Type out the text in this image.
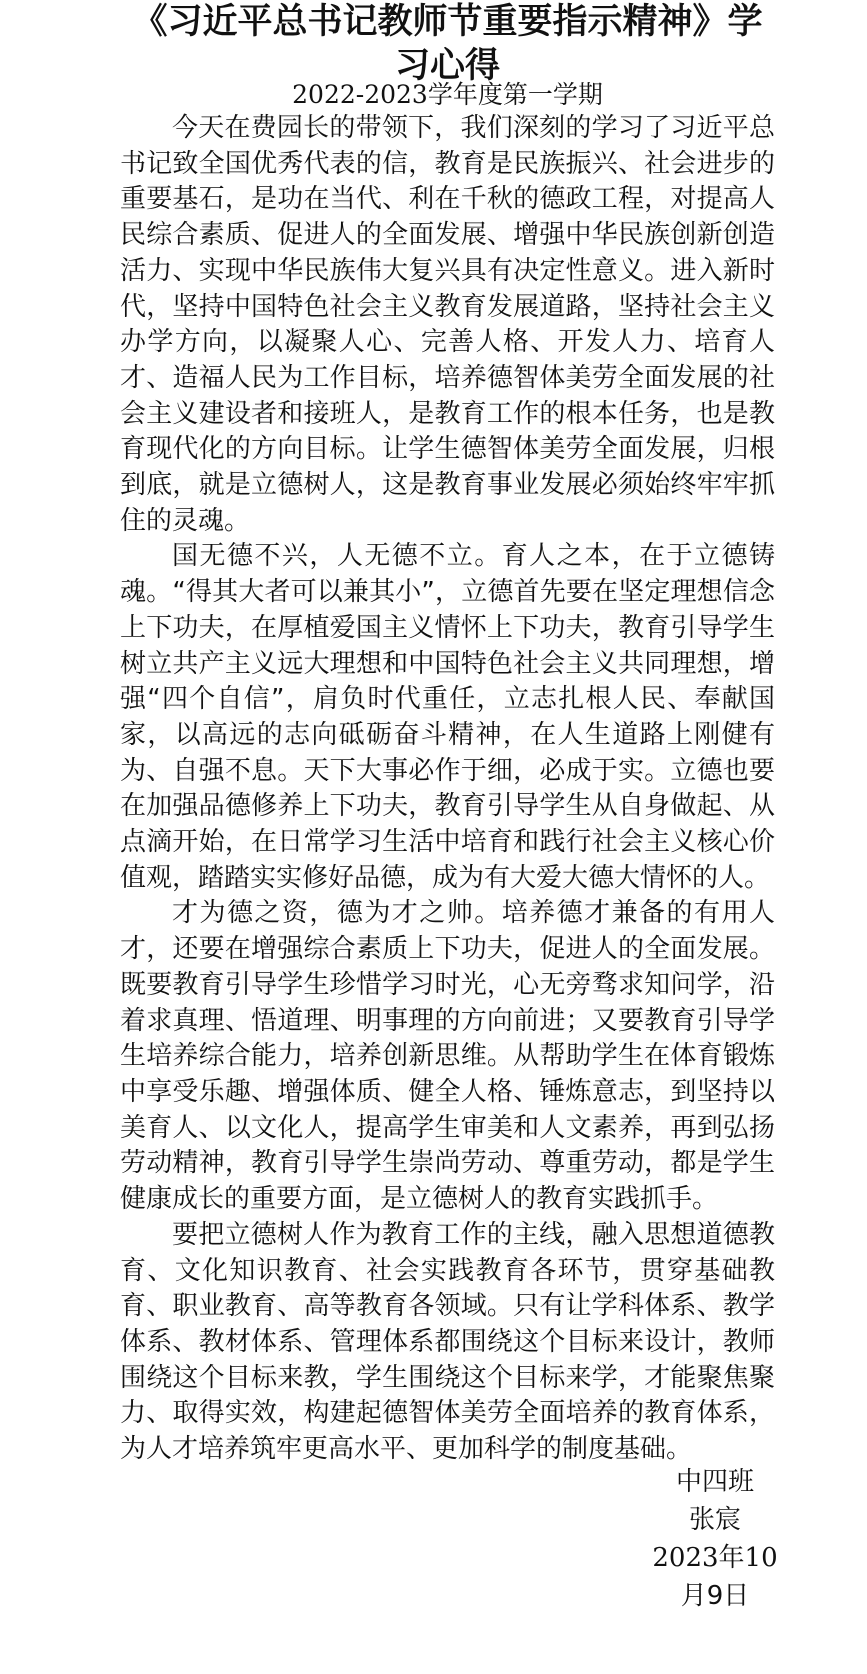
《习近平总书记教师节重要指示精神》学习心得
2022-2023学年度第一学期

今天在费园长的带领下，我们深刻的学习了习近平总书记致全国优秀代表的信，教育是民族振兴、社会进步的重要基石，是功在当代、利在千秋的德政工程，对提高人民综合素质、促进人的全面发展、增强中华民族创新创造活力、实现中华民族伟大复兴具有决定性意义。进入新时代，坚持中国特色社会主义教育发展道路，坚持社会主义办学方向，以凝聚人心、完善人格、开发人力、培育人才、造福人民为工作目标，培养德智体美劳全面发展的社会主义建设者和接班人，是教育工作的根本任务，也是教育现代化的方向目标。让学生德智体美劳全面发展，归根到底，就是立德树人，这是教育事业发展必须始终牢牢抓住的灵魂。

国无德不兴，人无德不立。育人之本，在于立德铸魂。“得其大者可以兼其小”，立德首先要在坚定理想信念上下功夫，在厚植爱国主义情怀上下功夫，教育引导学生树立共产主义远大理想和中国特色社会主义共同理想，增强“四个自信”，肩负时代重任，立志扎根人民、奉献国家，以高远的志向砥砺奋斗精神，在人生道路上刚健有为、自强不息。天下大事必作于细，必成于实。立德也要在加强品德修养上下功夫，教育引导学生从自身做起、从点滴开始，在日常学习生活中培育和践行社会主义核心价值观，踏踏实实修好品德，成为有大爱大德大情怀的人。

才为德之资，德为才之帅。培养德才兼备的有用人才，还要在增强综合素质上下功夫，促进人的全面发展。既要教育引导学生珍惜学习时光，心无旁骛求知问学，沿着求真理、悟道理、明事理的方向前进；又要教育引导学生培养综合能力，培养创新思维。从帮助学生在体育锻炼中享受乐趣、增强体质、健全人格、锤炼意志，到坚持以美育人、以文化人，提高学生审美和人文素养，再到弘扬劳动精神，教育引导学生崇尚劳动、尊重劳动，都是学生健康成长的重要方面，是立德树人的教育实践抓手。

要把立德树人作为教育工作的主线，融入思想道德教育、文化知识教育、社会实践教育各环节，贯穿基础教育、职业教育、高等教育各领域。只有让学科体系、教学体系、教材体系、管理体系都围绕这个目标来设计，教师围绕这个目标来教，学生围绕这个目标来学，才能聚焦聚力、取得实效，构建起德智体美劳全面培养的教育体系，为人才培养筑牢更高水平、更加科学的制度基础。

中四班
张宸
2023年10
月9日
